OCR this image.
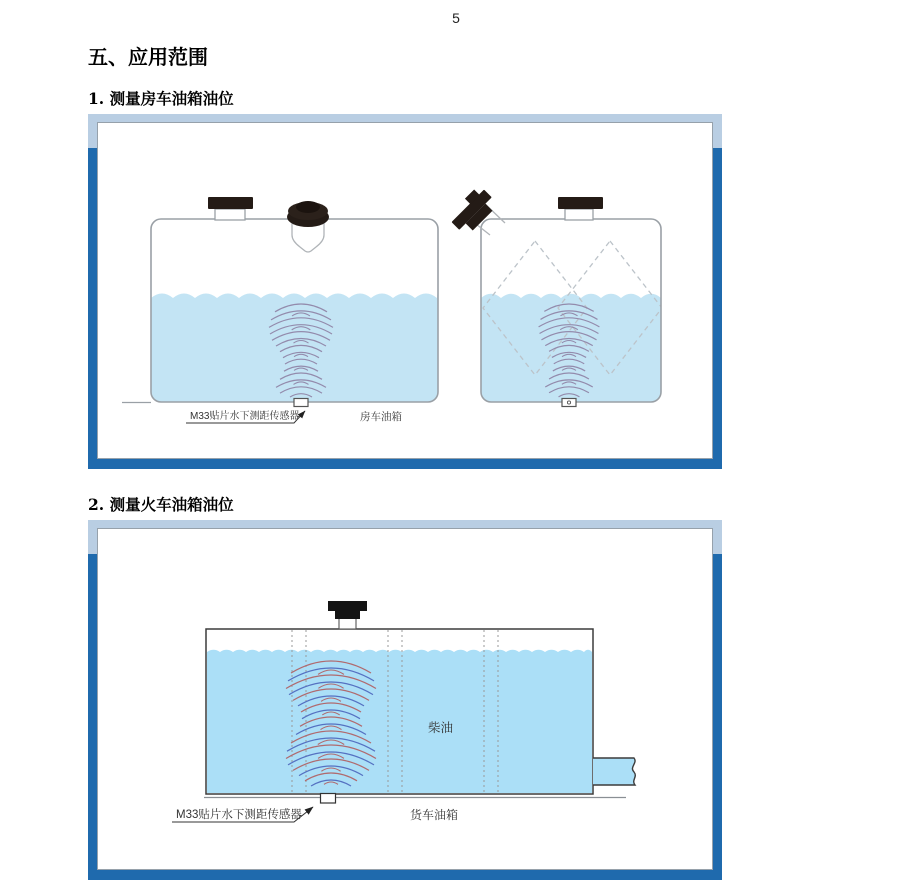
5
五、应用范围
1. 测量房车油箱油位
M33贴片水下测距传感器	房车油箱
2. 测量火车油箱油位
柴油
M33贴片水下测距传感器	货车油箱
